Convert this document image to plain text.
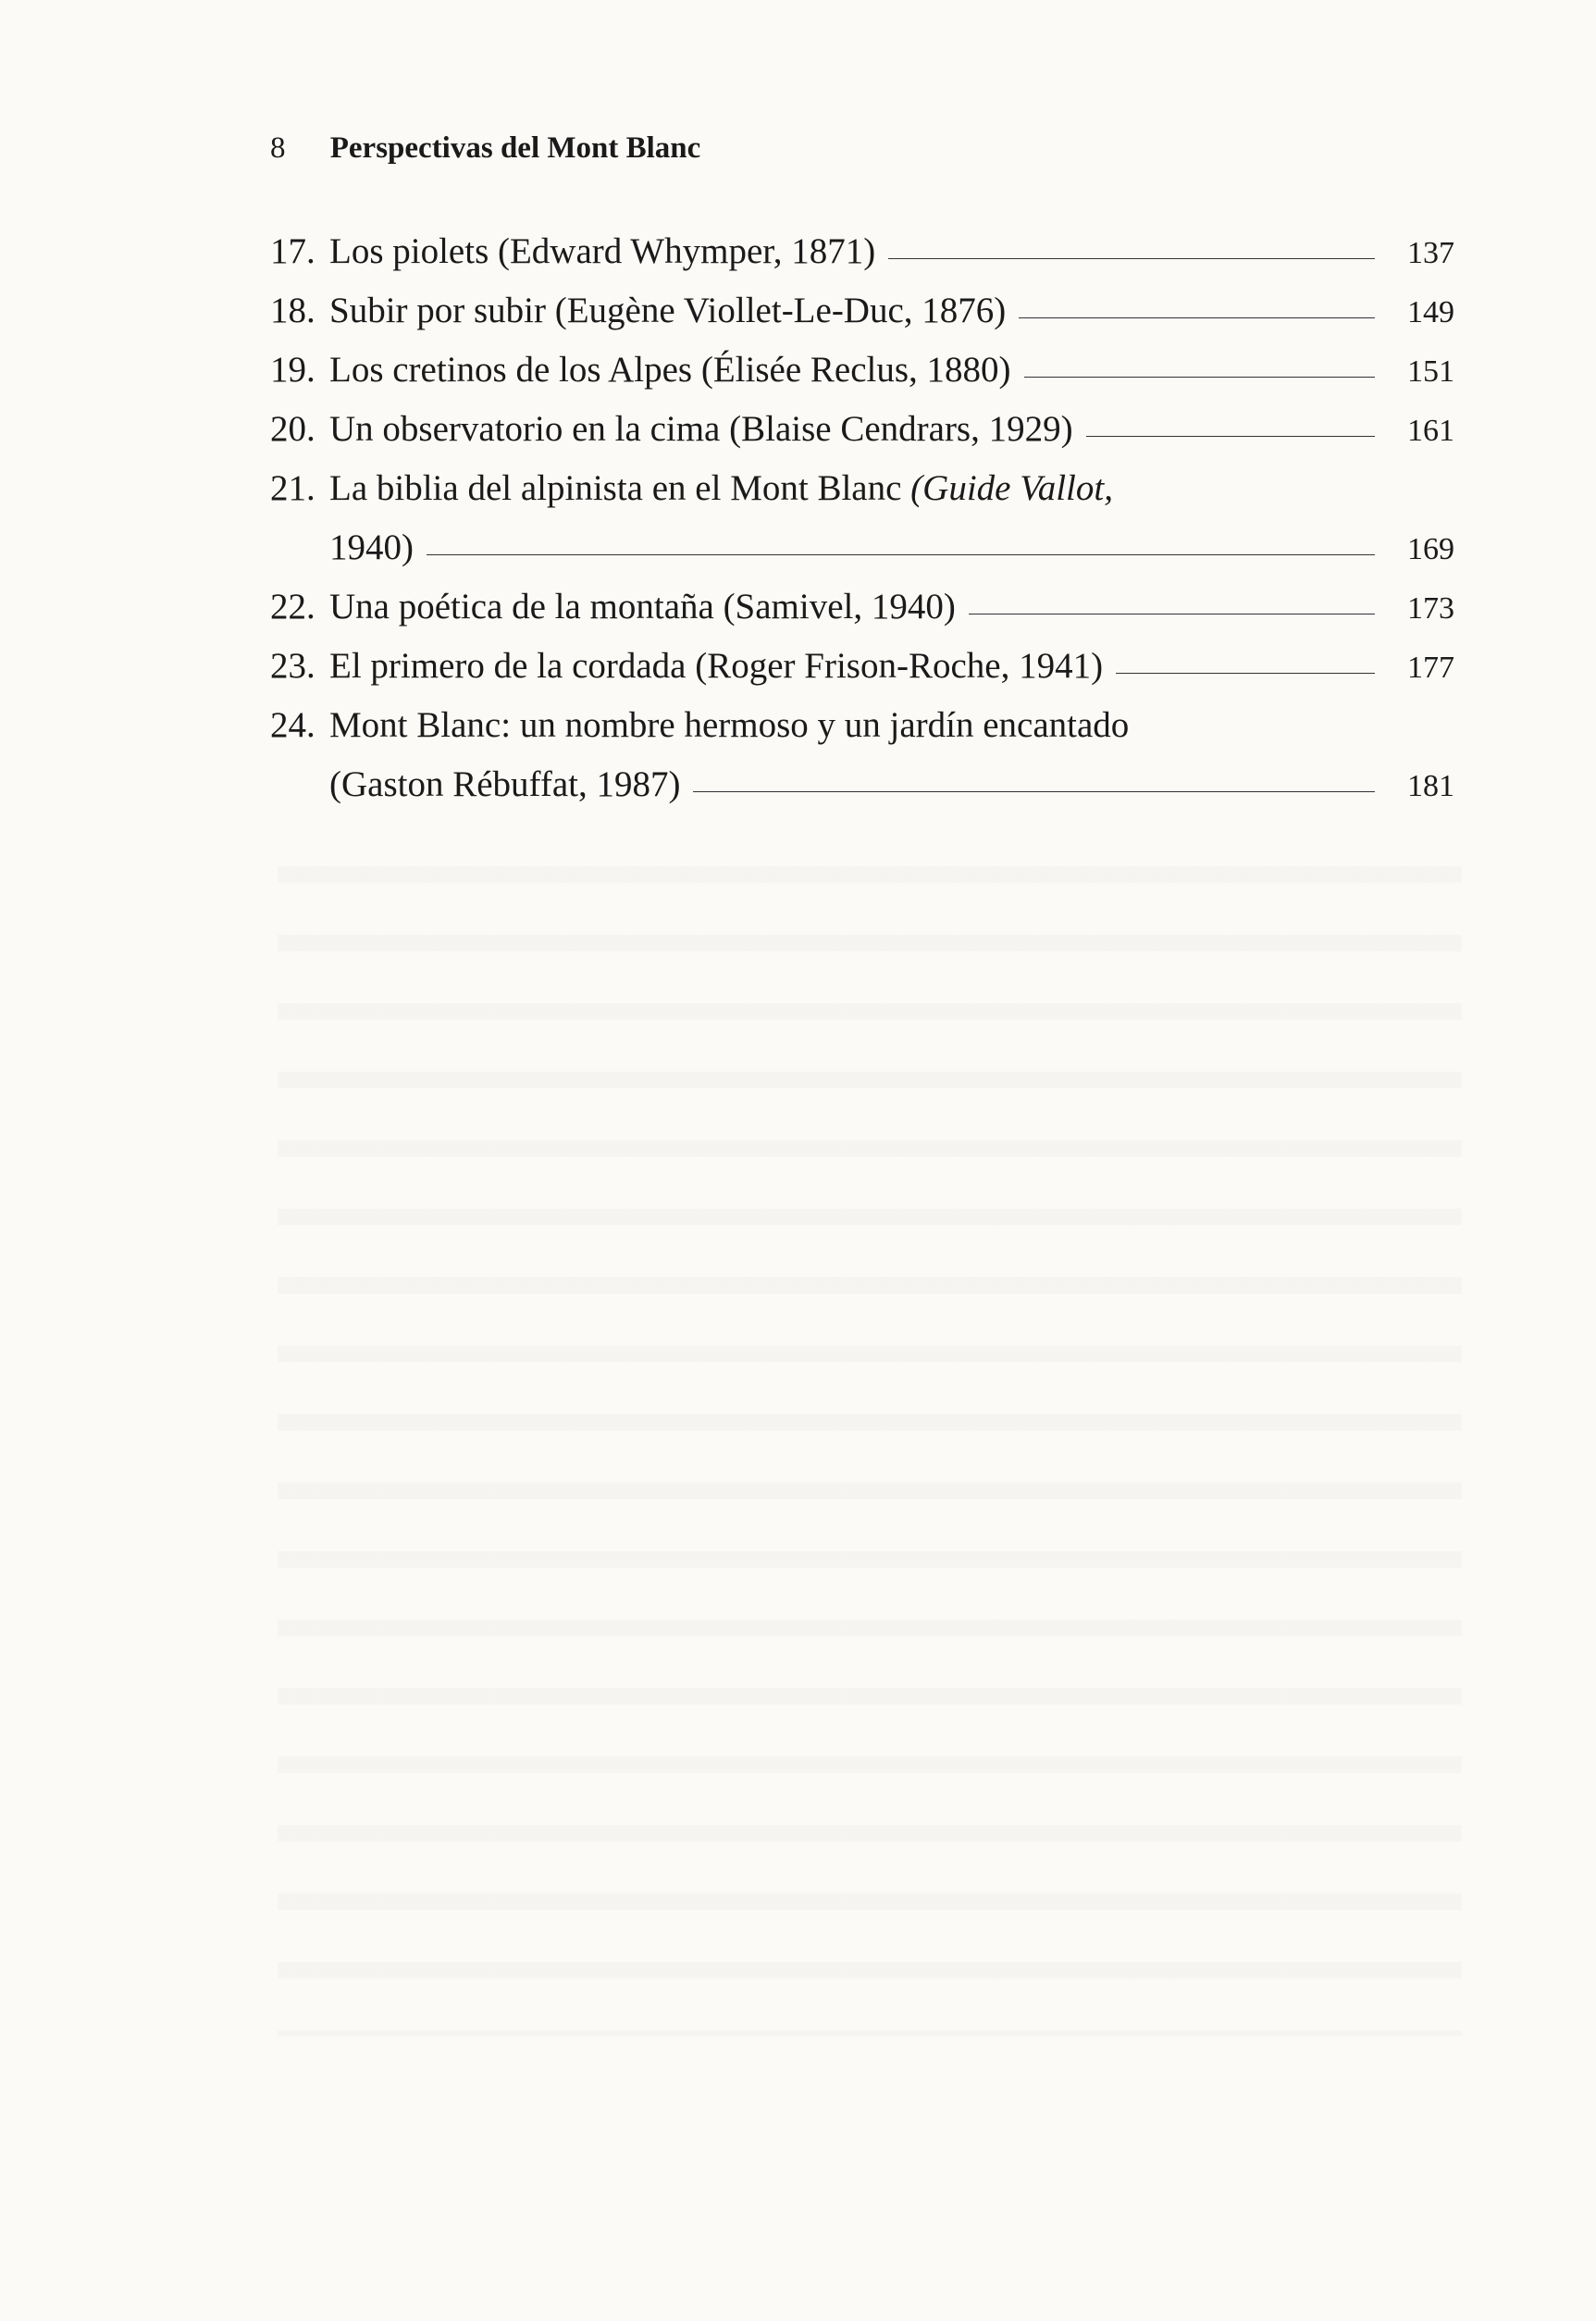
8 Perspectivas del Mont Blanc
17. Los piolets (Edward Whymper, 1871)	137
18. Subir por subir (Eugène Viollet-Le-Duc, 1876)	149
19. Los cretinos de los Alpes (Élisée Reclus, 1880)	151
20. Un observatorio en la cima (Blaise Cendrars, 1929)	161
21. La biblia del alpinista en el Mont Blanc (Guide Vallot,
1940)	169
22. Una poética de la montaña (Samivel, 1940)	173
23. El primero de la cordada (Roger Frison-Roche, 1941)	177
24. Mont Blanc: un nombre hermoso y un jardín encantado
(Gaston Rébuffat, 1987)	181
